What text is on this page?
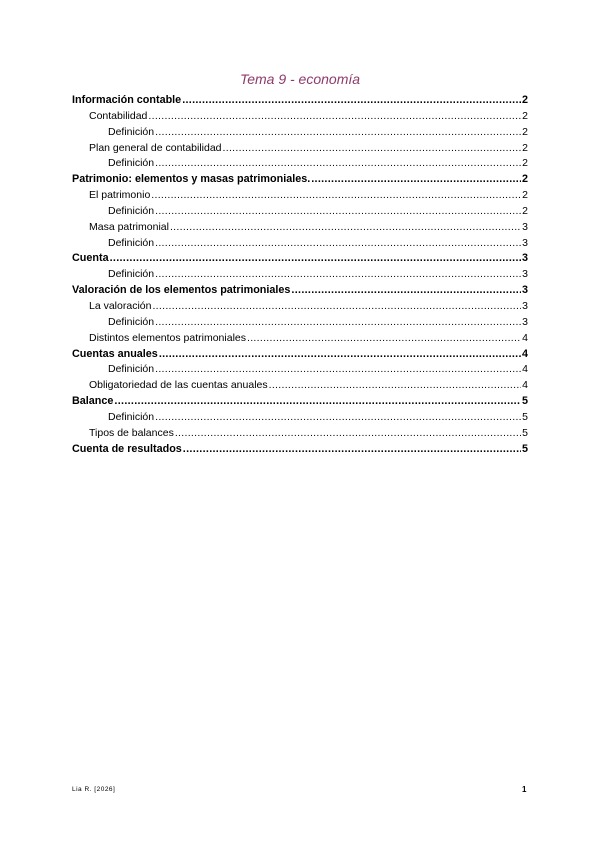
Tema 9 - economía
Información contable .....	2
Contabilidad .....	2
Definición .....	2
Plan general de contabilidad .....	2
Definición .....	2
Patrimonio: elementos y masas patrimoniales. .....	2
El patrimonio .....	2
Definición .....	2
Masa patrimonial .....	3
Definición .....	3
Cuenta .....	3
Definición .....	3
Valoración de los elementos patrimoniales .....	3
La valoración .....	3
Definición .....	3
Distintos elementos patrimoniales .....	4
Cuentas anuales .....	4
Definición .....	4
Obligatoriedad de las cuentas anuales .....	4
Balance .....	5
Definición .....	5
Tipos de balances .....	5
Cuenta de resultados .....	5
Lia R. [2026]	1
